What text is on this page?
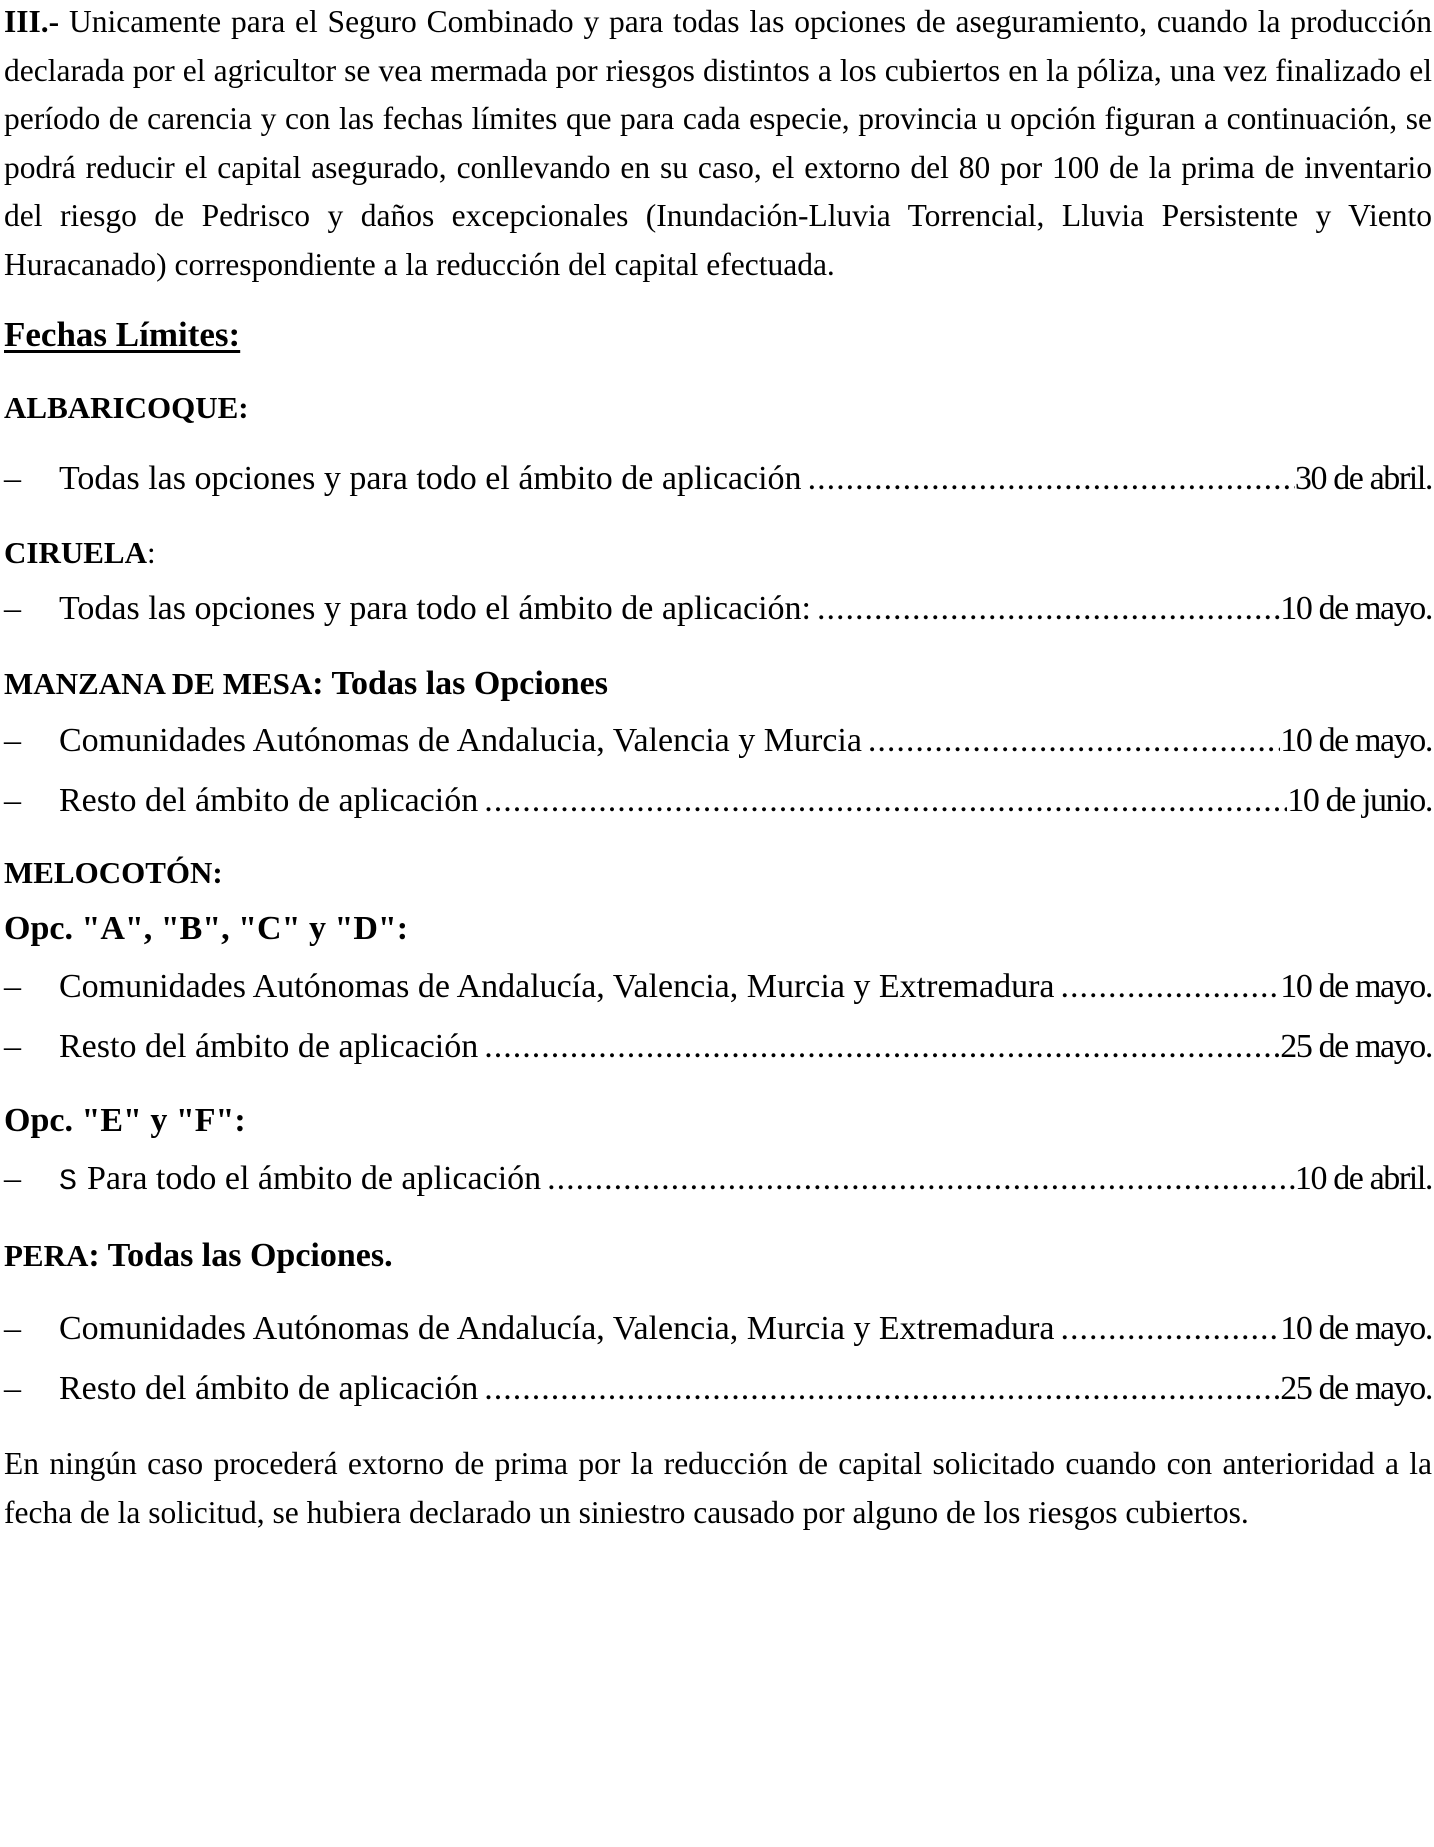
III.- Unicamente para el Seguro Combinado y para todas las opciones de aseguramiento, cuando la producción declarada por el agricultor se vea mermada por riesgos distintos a los cubiertos en la póliza, una vez finalizado el período de carencia y con las fechas límites que para cada especie, provincia u opción figuran a continuación, se podrá reducir el capital asegurado, conllevando en su caso, el extorno del 80 por 100 de la prima de inventario del riesgo de Pedrisco y daños excepcionales (Inundación-Lluvia Torrencial, Lluvia Persistente y Viento Huracanado) correspondiente a la reducción del capital efectuada.

Fechas Límites:
ALBARICOQUE:
–	Todas las opciones y para todo el ámbito de aplicación .....	30 de abril.
CIRUELA:
–	Todas las opciones y para todo el ámbito de aplicación: .....	10 de mayo.
MANZANA DE MESA: Todas las Opciones
–	Comunidades Autónomas de Andalucia, Valencia y Murcia .....	10 de mayo.
–	Resto del ámbito de aplicación .....	10 de junio.
MELOCOTÓN:
Opc. "A", "B", "C" y "D":
–	Comunidades Autónomas de Andalucía, Valencia, Murcia y Extremadura .....	10 de mayo.
–	Resto del ámbito de aplicación .....	25 de mayo.
Opc. "E" y "F":
–	S Para todo el ámbito de aplicación .....	10 de abril.
PERA: Todas las Opciones.
–	Comunidades Autónomas de Andalucía, Valencia, Murcia y Extremadura .....	10 de mayo.
–	Resto del ámbito de aplicación .....	25 de mayo.

En ningún caso procederá extorno de prima por la reducción de capital solicitado cuando con anterioridad a la fecha de la solicitud, se hubiera declarado un siniestro causado por alguno de los riesgos cubiertos.
